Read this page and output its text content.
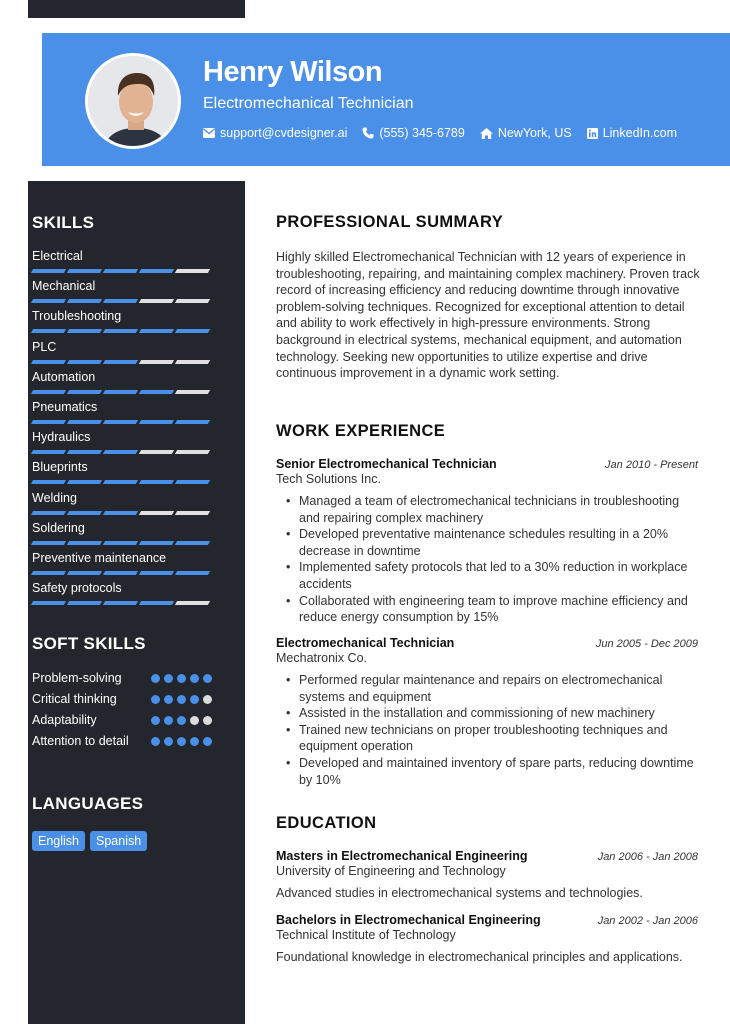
Henry Wilson
Electromechanical Technician
support@cvdesigner.ai	(555) 345-6789	NewYork, US LinkedIn.com
SKILLS
Electrical
Mechanical
Troubleshooting
PLC
Automation
Pneumatics
Hydraulics
Blueprints
Welding
Soldering
Preventive maintenance
Safety protocols
SOFT SKILLS
Problem-solving
Critical thinking
Adaptability
Attention to detail
LANGUAGES
English	Spanish
PROFESSIONAL SUMMARY
Highly skilled Electromechanical Technician with 12 years of experience in troubleshooting, repairing, and maintaining complex machinery. Proven track record of increasing efficiency and reducing downtime through innovative problem-solving techniques. Recognized for exceptional attention to detail and ability to work effectively in high-pressure environments. Strong background in electrical systems, mechanical equipment, and automation technology. Seeking new opportunities to utilize expertise and drive continuous improvement in a dynamic work setting.
WORK EXPERIENCE
Senior Electromechanical Technician	Jan 2010 - Present
Tech Solutions Inc.
• Managed a team of electromechanical technicians in troubleshooting and repairing complex machinery
• Developed preventative maintenance schedules resulting in a 20% decrease in downtime
• Implemented safety protocols that led to a 30% reduction in workplace accidents
• Collaborated with engineering team to improve machine efficiency and reduce energy consumption by 15%
Electromechanical Technician	Jun 2005 - Dec 2009
Mechatronix Co.
• Performed regular maintenance and repairs on electromechanical systems and equipment
• Assisted in the installation and commissioning of new machinery
• Trained new technicians on proper troubleshooting techniques and equipment operation
• Developed and maintained inventory of spare parts, reducing downtime by 10%
EDUCATION
Masters in Electromechanical Engineering	Jan 2006 - Jan 2008
University of Engineering and Technology
Advanced studies in electromechanical systems and technologies.
Bachelors in Electromechanical Engineering	Jan 2002 - Jan 2006
Technical Institute of Technology
Foundational knowledge in electromechanical principles and applications.
